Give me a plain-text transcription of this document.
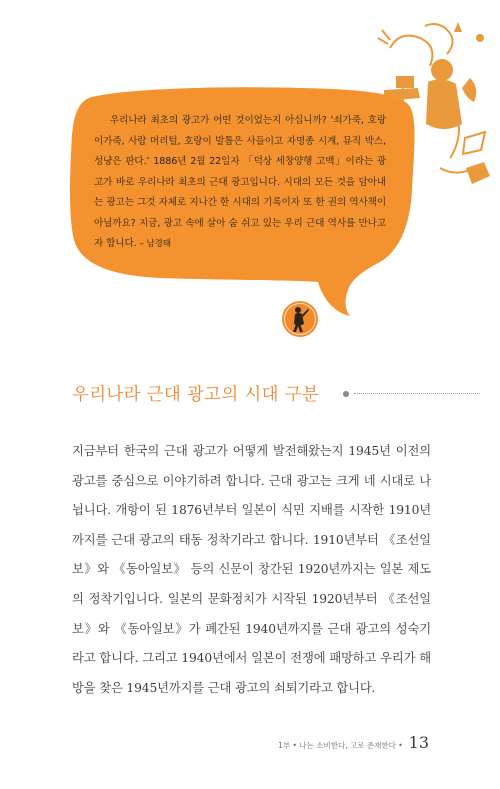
우리나라 최초의 광고가 어떤 것이었는지 아십니까? ‘쇠가죽, 호랑이가죽, 사람 머리털, 호랑이 발톱은 사들이고 자명종 시계, 뮤직 박스, 성냥은 판다.’ 1886년 2월 22일자 「덕상 세창양행 고백」이라는 광고가 바로 우리나라 최초의 근대 광고입니다. 시대의 모든 것을 담아내는 광고는 그것 자체로 지나간 한 시대의 기록이자 또 한 권의 역사책이 아닐까요? 지금, 광고 속에 살아 숨 쉬고 있는 우리 근대 역사를 만나고자 합니다. – 남경태

우리나라 근대 광고의 시대 구분

지금부터 한국의 근대 광고가 어떻게 발전해왔는지 1945년 이전의 광고를 중심으로 이야기하려 합니다. 근대 광고는 크게 네 시대로 나뉩니다. 개항이 된 1876년부터 일본이 식민 지배를 시작한 1910년까지를 근대 광고의 태동 정착기라고 합니다. 1910년부터 《조선일보》와 《동아일보》 등의 신문이 창간된 1920년까지는 일본 제도의 정착기입니다. 일본의 문화정치가 시작된 1920년부터 《조선일보》와 《동아일보》가 폐간된 1940년까지를 근대 광고의 성숙기라고 합니다. 그리고 1940년에서 일본이 전쟁에 패망하고 우리가 해방을 찾은 1945년까지를 근대 광고의 쇠퇴기라고 합니다.

1부 • 나는 소비한다, 고로 존재한다 • 13
